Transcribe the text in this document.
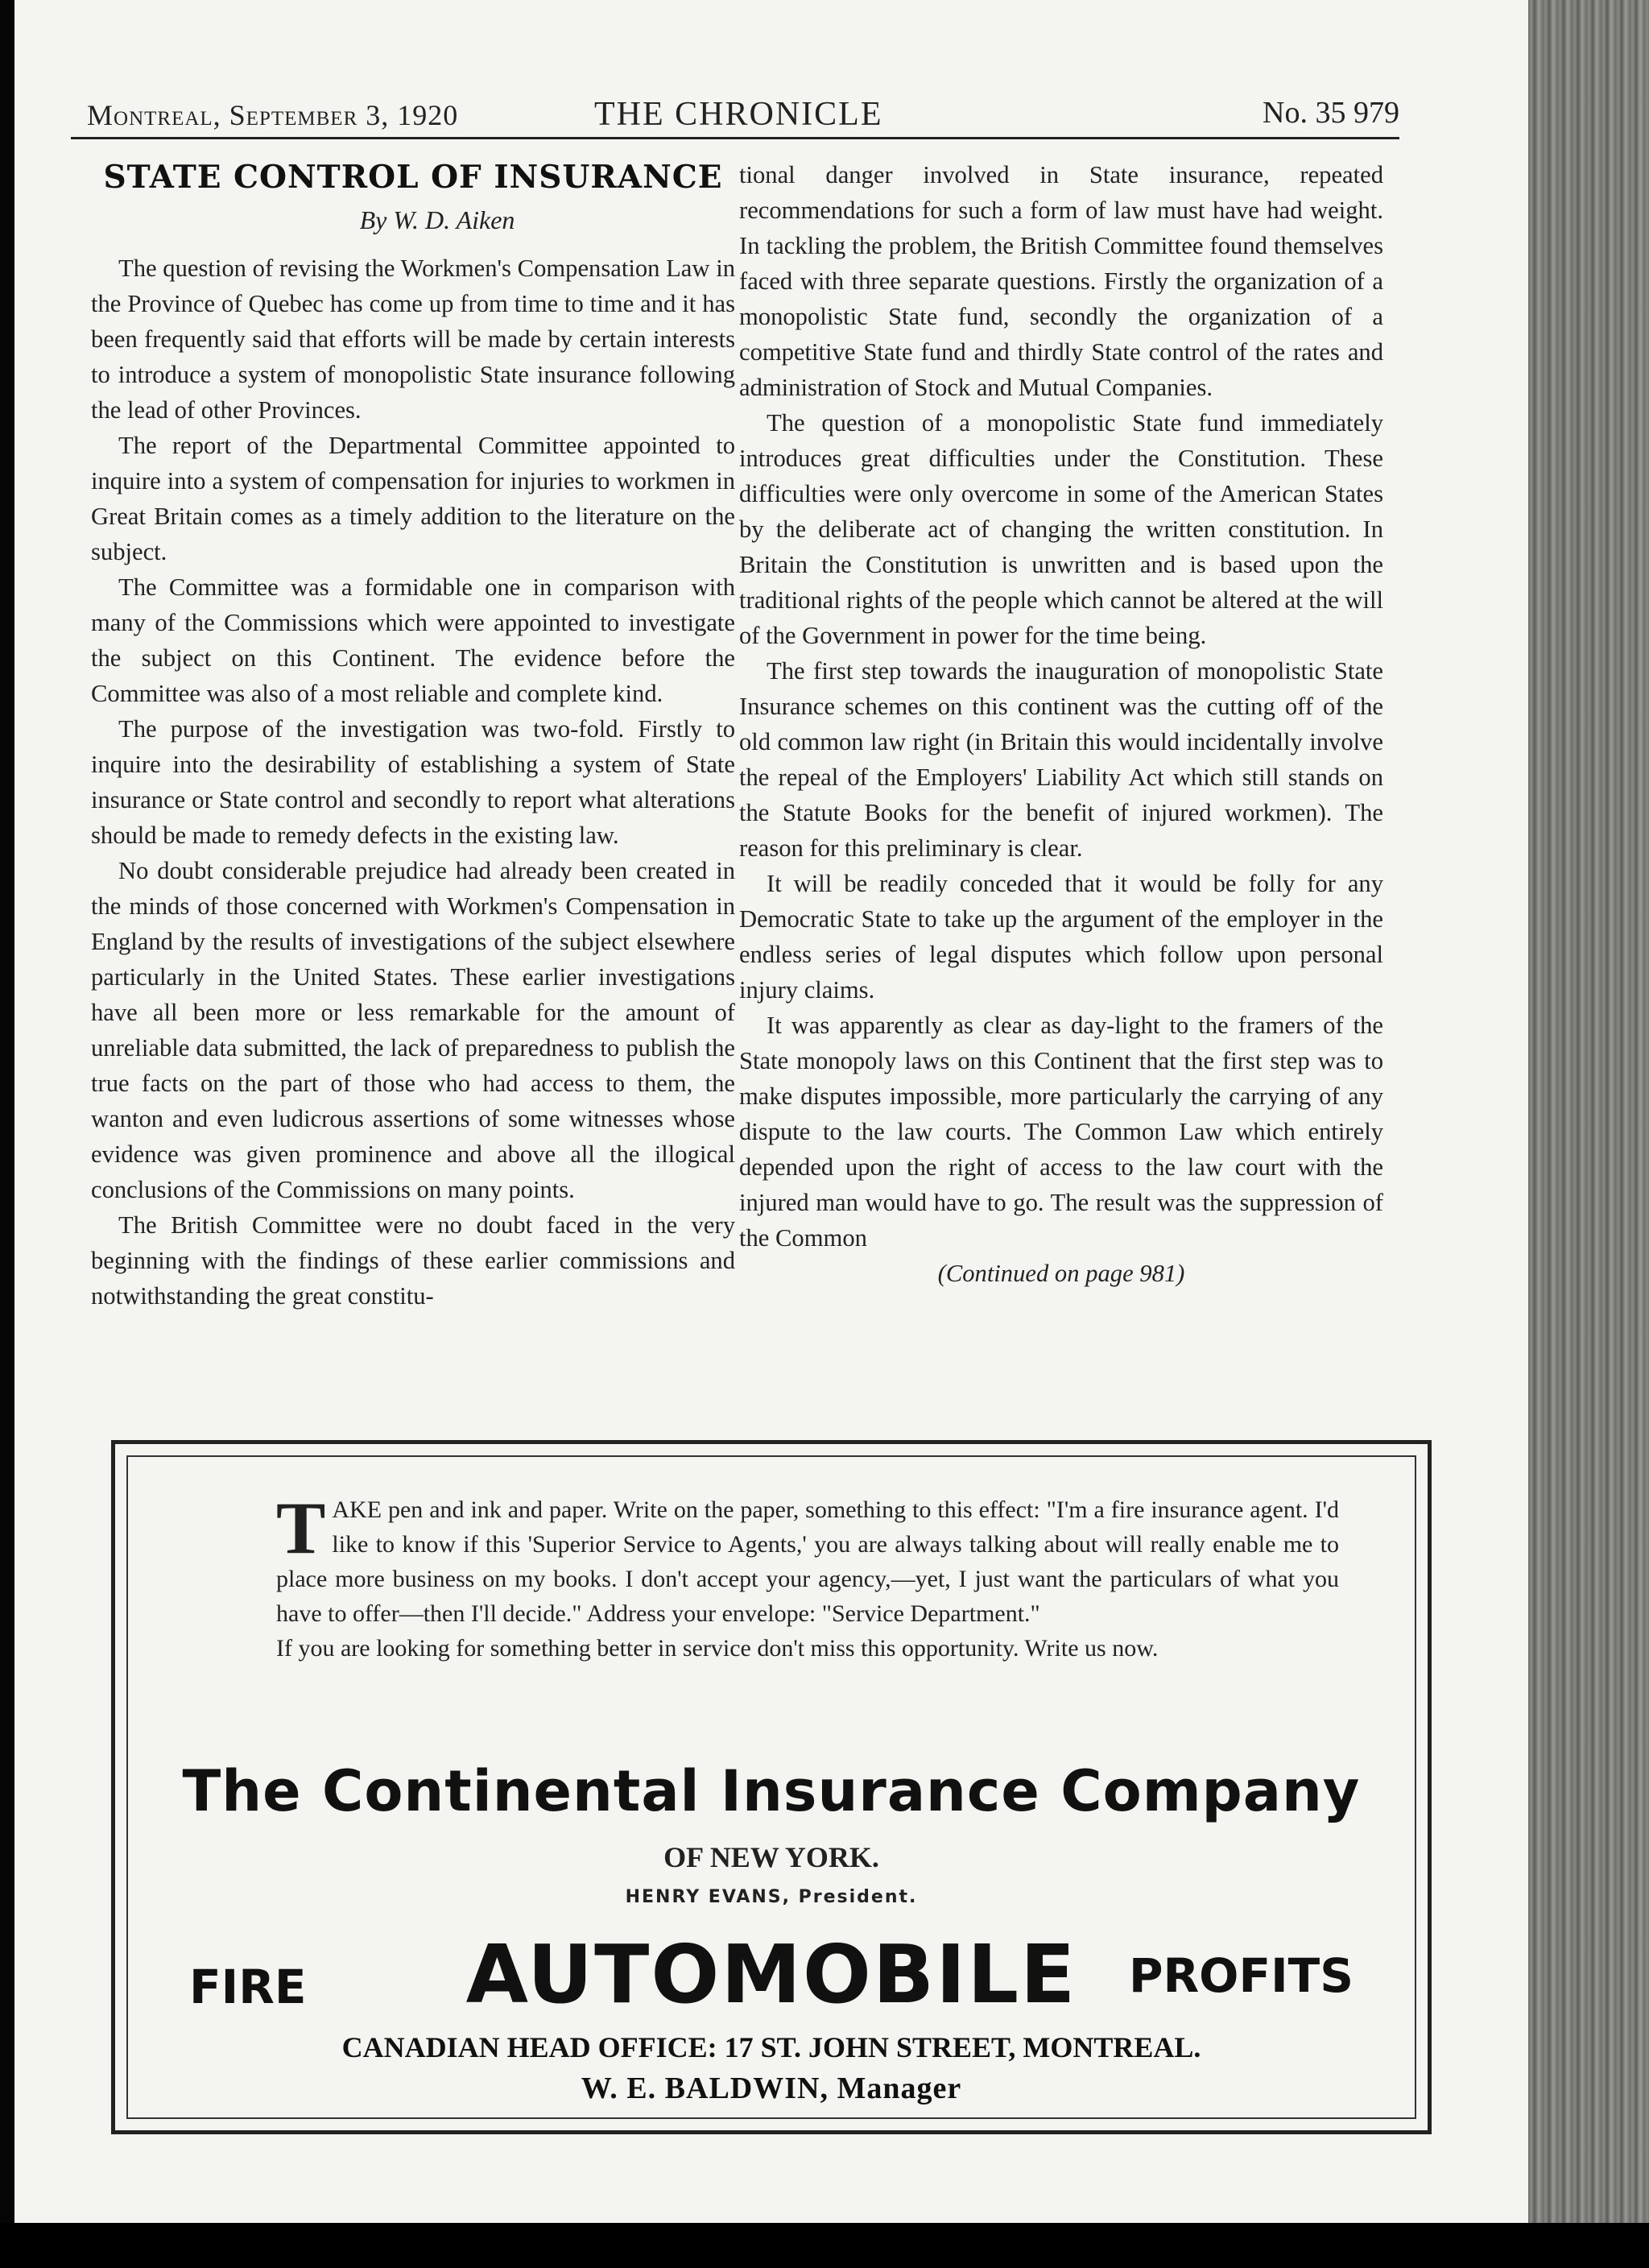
Montreal, September 3, 1920	THE CHRONICLE	No. 35 979
STATE CONTROL OF INSURANCE
By W. D. Aiken

The question of revising the Workmen's Compensation Law in the Province of Quebec has come up from time to time and it has been frequently said that efforts will be made by certain interests to introduce a system of monopolistic State insurance following the lead of other Provinces.

The report of the Departmental Committee appointed to inquire into a system of compensation for injuries to workmen in Great Britain comes as a timely addition to the literature on the subject.

The Committee was a formidable one in comparison with many of the Commissions which were appointed to investigate the subject on this Continent. The evidence before the Committee was also of a most reliable and complete kind.

The purpose of the investigation was two-fold. Firstly to inquire into the desirability of establishing a system of State insurance or State control and secondly to report what alterations should be made to remedy defects in the existing law.

No doubt considerable prejudice had already been created in the minds of those concerned with Workmen's Compensation in England by the results of investigations of the subject elsewhere particularly in the United States. These earlier investigations have all been more or less remarkable for the amount of unreliable data submitted, the lack of preparedness to publish the true facts on the part of those who had access to them, the wanton and even ludicrous assertions of some witnesses whose evidence was given prominence and above all the illogical conclusions of the Commissions on many points.

The British Committee were no doubt faced in the very beginning with the findings of these earlier commissions and notwithstanding the great constitu-

tional danger involved in State insurance, repeated recommendations for such a form of law must have had weight. In tackling the problem, the British Committee found themselves faced with three separate questions. Firstly the organization of a monopolistic State fund, secondly the organization of a competitive State fund and thirdly State control of the rates and administration of Stock and Mutual Companies.

The question of a monopolistic State fund immediately introduces great difficulties under the Constitution. These difficulties were only overcome in some of the American States by the deliberate act of changing the written constitution. In Britain the Constitution is unwritten and is based upon the traditional rights of the people which cannot be altered at the will of the Government in power for the time being.

The first step towards the inauguration of monopolistic State Insurance schemes on this continent was the cutting off of the old common law right (in Britain this would incidentally involve the repeal of the Employers' Liability Act which still stands on the Statute Books for the benefit of injured workmen). The reason for this preliminary is clear.

It will be readily conceded that it would be folly for any Democratic State to take up the argument of the employer in the endless series of legal disputes which follow upon personal injury claims.

It was apparently as clear as day-light to the framers of the State monopoly laws on this Continent that the first step was to make disputes impossible, more particularly the carrying of any dispute to the law courts. The Common Law which entirely depended upon the right of access to the law court with the injured man would have to go. The result was the suppression of the Common

(Continued on page 981)

TAKE pen and ink and paper. Write on the paper, something to this effect: "I'm a fire insurance agent. I'd like to know if this 'Superior Service to Agents,' you are always talking about will really enable me to place more business on my books. I don't accept your agency,—yet, I just want the particulars of what you have to offer—then I'll decide." Address your envelope: "Service Department."

If you are looking for something better in service don't miss this opportunity. Write us now.

The Continental Insurance Company
OF NEW YORK.
HENRY EVANS, President.
FIRE	AUTOMOBILE	PROFITS
CANADIAN HEAD OFFICE: 17 ST. JOHN STREET, MONTREAL.
W. E. BALDWIN, Manager
